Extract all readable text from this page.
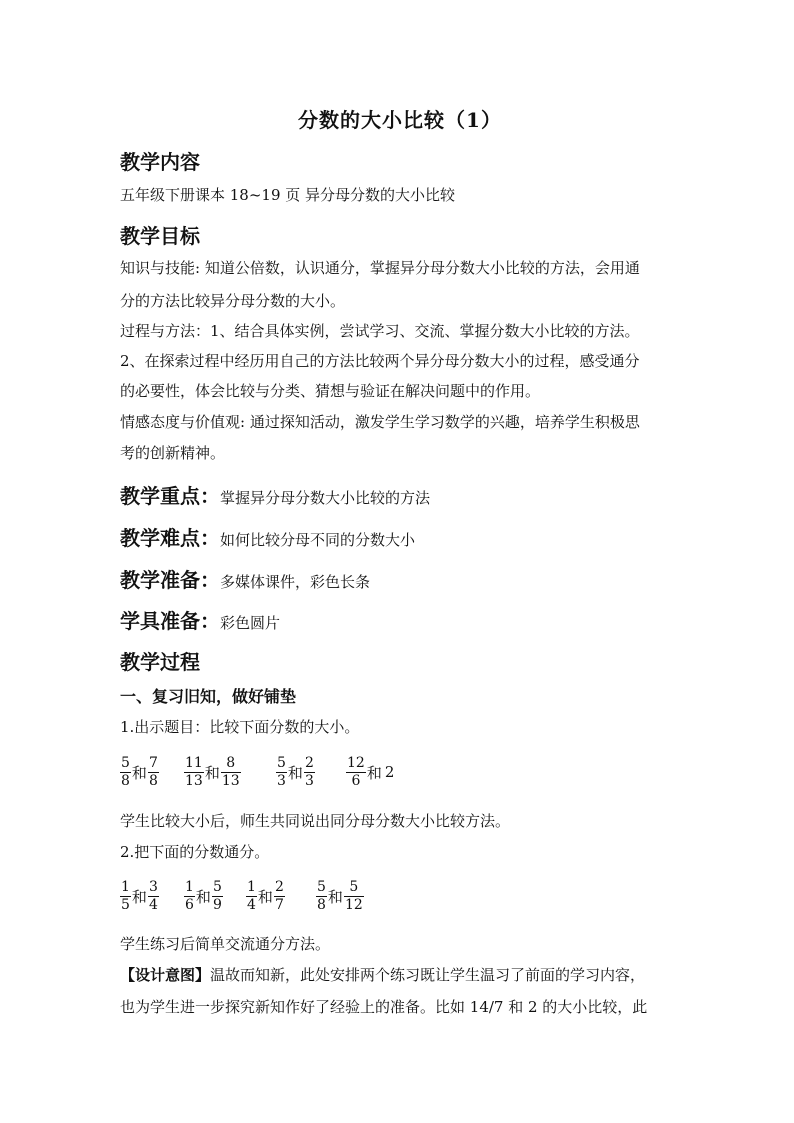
分数的大小比较（1）
教学内容
五年级下册课本 18~19 页 异分母分数的大小比较
教学目标
知识与技能: 知道公倍数，认识通分，掌握异分母分数大小比较的方法，会用通
分的方法比较异分母分数的大小。
过程与方法：1、结合具体实例，尝试学习、交流、掌握分数大小比较的方法。
2、在探索过程中经历用自己的方法比较两个异分母分数大小的过程，感受通分
的必要性，体会比较与分类、猜想与验证在解决问题中的作用。
情感态度与价值观: 通过探知活动，激发学生学习数学的兴趣，培养学生积极思
考的创新精神。
教学重点：掌握异分母分数大小比较的方法
教学难点：如何比较分母不同的分数大小
教学准备：多媒体课件，彩色长条
学具准备：彩色圆片
教学过程
一、复习旧知，做好铺垫
1.出示题目：比较下面分数的大小。
$\frac{5}{8}$ 和 $\frac{7}{8} \frac{11}{13}$ 和 $\frac{8}{13}$	$\frac{5}{3}$ 和 $\frac{2}{3} \frac{12}{6}$ 和 2
学生比较大小后，师生共同说出同分母分数大小比较方法。
2.把下面的分数通分。
$\frac{1}{5}$ 和 $\frac{3}{4} \frac{1}{6}$ 和 $\frac{5}{9} \frac{1}{4}$ 和 $\frac{2}{7} \frac{5}{8}$ 和 $\frac{5}{12}$
学生练习后简单交流通分方法。
【设计意图】温故而知新，此处安排两个练习既让学生温习了前面的学习内容，
也为学生进一步探究新知作好了经验上的准备。比如 14/7 和 2 的大小比较，此
